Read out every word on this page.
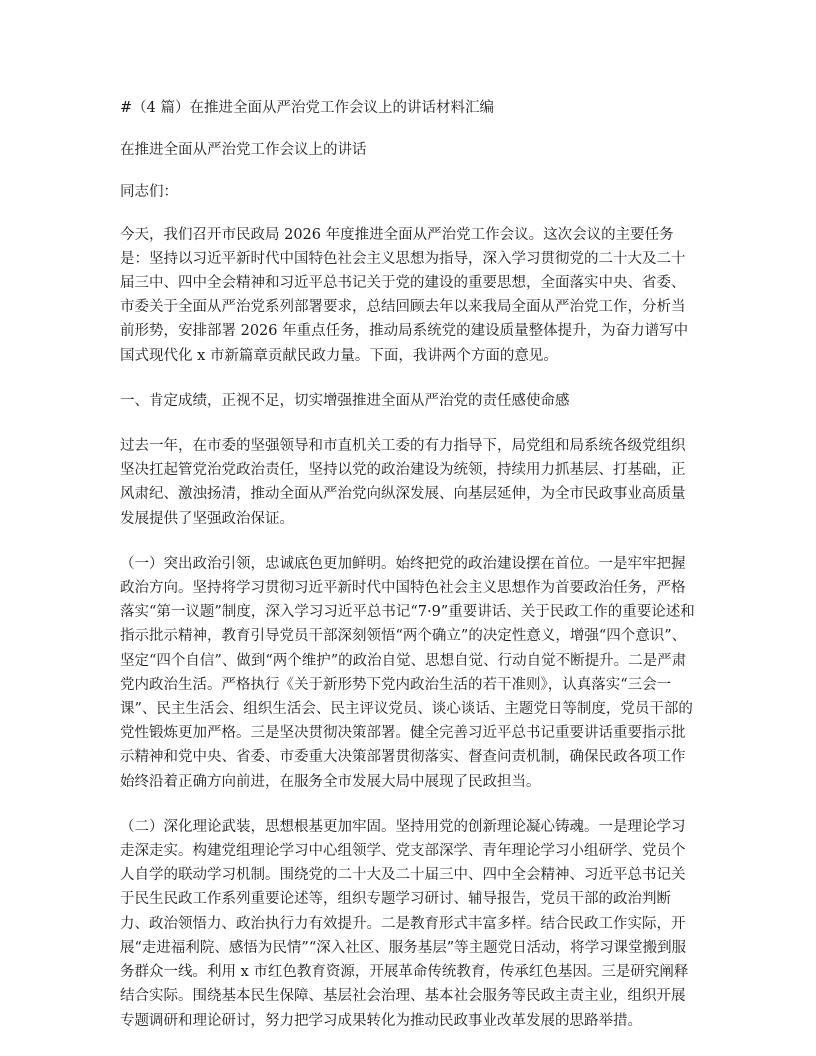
#（4 篇）在推进全面从严治党工作会议上的讲话材料汇编

在推进全面从严治党工作会议上的讲话

同志们：

今天，我们召开市民政局 2026 年度推进全面从严治党工作会议。这次会议的主要任务是：坚持以习近平新时代中国特色社会主义思想为指导，深入学习贯彻党的二十大及二十届三中、四中全会精神和习近平总书记关于党的建设的重要思想，全面落实中央、省委、市委关于全面从严治党系列部署要求，总结回顾去年以来我局全面从严治党工作，分析当前形势，安排部署 2026 年重点任务，推动局系统党的建设质量整体提升，为奋力谱写中国式现代化 x 市新篇章贡献民政力量。下面，我讲两个方面的意见。

一、肯定成绩，正视不足，切实增强推进全面从严治党的责任感使命感

过去一年，在市委的坚强领导和市直机关工委的有力指导下，局党组和局系统各级党组织坚决扛起管党治党政治责任，坚持以党的政治建设为统领，持续用力抓基层、打基础，正风肃纪、激浊扬清，推动全面从严治党向纵深发展、向基层延伸，为全市民政事业高质量发展提供了坚强政治保证。

（一）突出政治引领，忠诚底色更加鲜明。始终把党的政治建设摆在首位。一是牢牢把握政治方向。坚持将学习贯彻习近平新时代中国特色社会主义思想作为首要政治任务，严格落实“第一议题”制度，深入学习习近平总书记“7·9”重要讲话、关于民政工作的重要论述和指示批示精神，教育引导党员干部深刻领悟“两个确立”的决定性意义，增强“四个意识”、坚定“四个自信”、做到“两个维护”的政治自觉、思想自觉、行动自觉不断提升。二是严肃党内政治生活。严格执行《关于新形势下党内政治生活的若干准则》，认真落实“三会一课”、民主生活会、组织生活会、民主评议党员、谈心谈话、主题党日等制度，党员干部的党性锻炼更加严格。三是坚决贯彻决策部署。健全完善习近平总书记重要讲话重要指示批示精神和党中央、省委、市委重大决策部署贯彻落实、督查问责机制，确保民政各项工作始终沿着正确方向前进，在服务全市发展大局中展现了民政担当。

（二）深化理论武装，思想根基更加牢固。坚持用党的创新理论凝心铸魂。一是理论学习走深走实。构建党组理论学习中心组领学、党支部深学、青年理论学习小组研学、党员个人自学的联动学习机制。围绕党的二十大及二十届三中、四中全会精神、习近平总书记关于民生民政工作系列重要论述等，组织专题学习研讨、辅导报告，党员干部的政治判断力、政治领悟力、政治执行力有效提升。二是教育形式丰富多样。结合民政工作实际，开展“走进福利院、感悟为民情”“深入社区、服务基层”等主题党日活动，将学习课堂搬到服务群众一线。利用 x 市红色教育资源，开展革命传统教育，传承红色基因。三是研究阐释结合实际。围绕基本民生保障、基层社会治理、基本社会服务等民政主责主业，组织开展专题调研和理论研讨，努力把学习成果转化为推动民政事业改革发展的思路举措。
